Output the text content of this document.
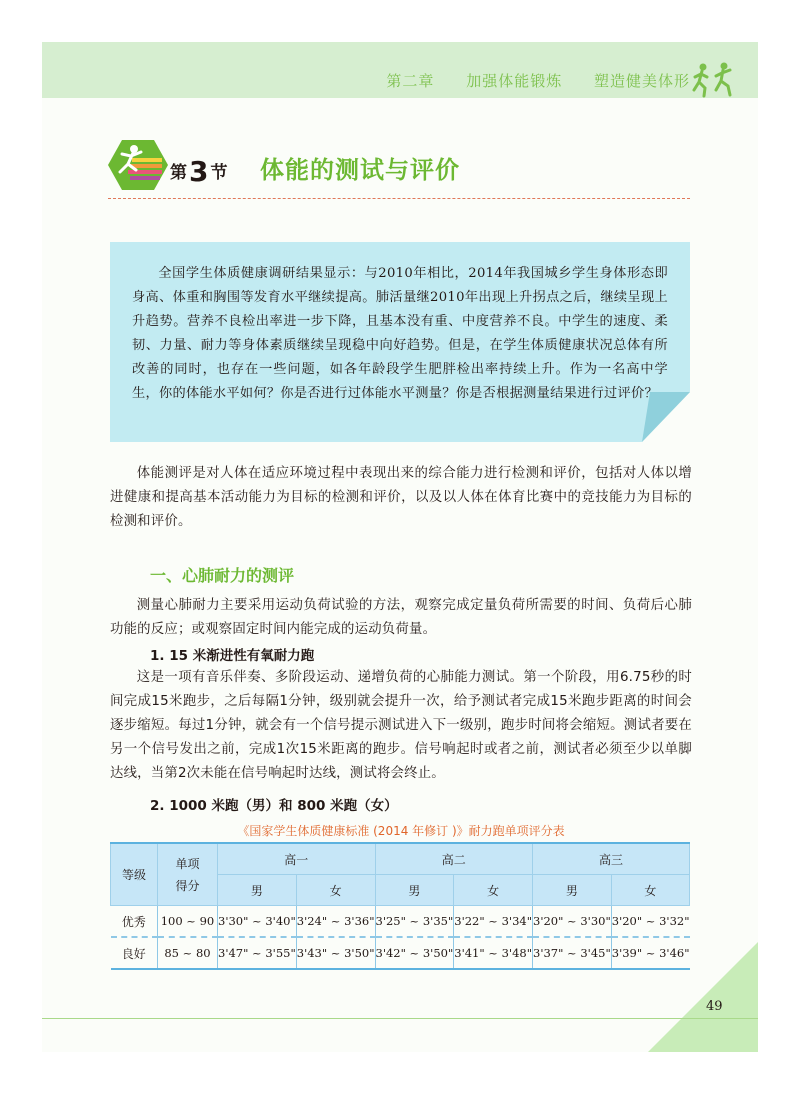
第二章 加强体能锻炼 塑造健美体形
第3 节 体能的测试与评价
全国学生体质健康调研结果显示：与2010年相比，2014年我国城乡学生身体形态即身高、体重和胸围等发育水平继续提高。肺活量继2010年出现上升拐点之后，继续呈现上升趋势。营养不良检出率进一步下降，且基本没有重、中度营养不良。中学生的速度、柔韧、力量、耐力等身体素质继续呈现稳中向好趋势。但是，在学生体质健康状况总体有所改善的同时，也存在一些问题，如各年龄段学生肥胖检出率持续上升。作为一名高中学生，你的体能水平如何？你是否进行过体能水平测量？你是否根据测量结果进行过评价？
体能测评是对人体在适应环境过程中表现出来的综合能力进行检测和评价，包括对人体以增进健康和提高基本活动能力为目标的检测和评价，以及以人体在体育比赛中的竞技能力为目标的检测和评价。
一、心肺耐力的测评
测量心肺耐力主要采用运动负荷试验的方法，观察完成定量负荷所需要的时间、负荷后心肺功能的反应；或观察固定时间内能完成的运动负荷量。
1. 15 米渐进性有氧耐力跑
这是一项有音乐伴奏、多阶段运动、递增负荷的心肺能力测试。第一个阶段，用6.75秒的时间完成15米跑步，之后每隔1分钟，级别就会提升一次，给予测试者完成15米跑步距离的时间会逐步缩短。每过1分钟，就会有一个信号提示测试进入下一级别，跑步时间将会缩短。测试者要在另一个信号发出之前，完成1次15米距离的跑步。信号响起时或者之前，测试者必须至少以单脚达线，当第2次未能在信号响起时达线，测试将会终止。
2. 1000 米跑（男）和 800 米跑（女）
《国家学生体质健康标准 (2014 年修订 )》耐力跑单项评分表
等级	单项得分	高一		高二		高三	
		男	女	男	女	男	女
优秀	100 ~ 90	3'30" ~ 3'40"	3'24" ~ 3'36"	3'25" ~ 3'35"	3'22" ~ 3'34"	3'20" ~ 3'30"	3'20" ~ 3'32"
良好	85 ~ 80	3'47" ~ 3'55"	3'43" ~ 3'50"	3'42" ~ 3'50"	3'41" ~ 3'48"	3'37" ~ 3'45"	3'39" ~ 3'46"
49
